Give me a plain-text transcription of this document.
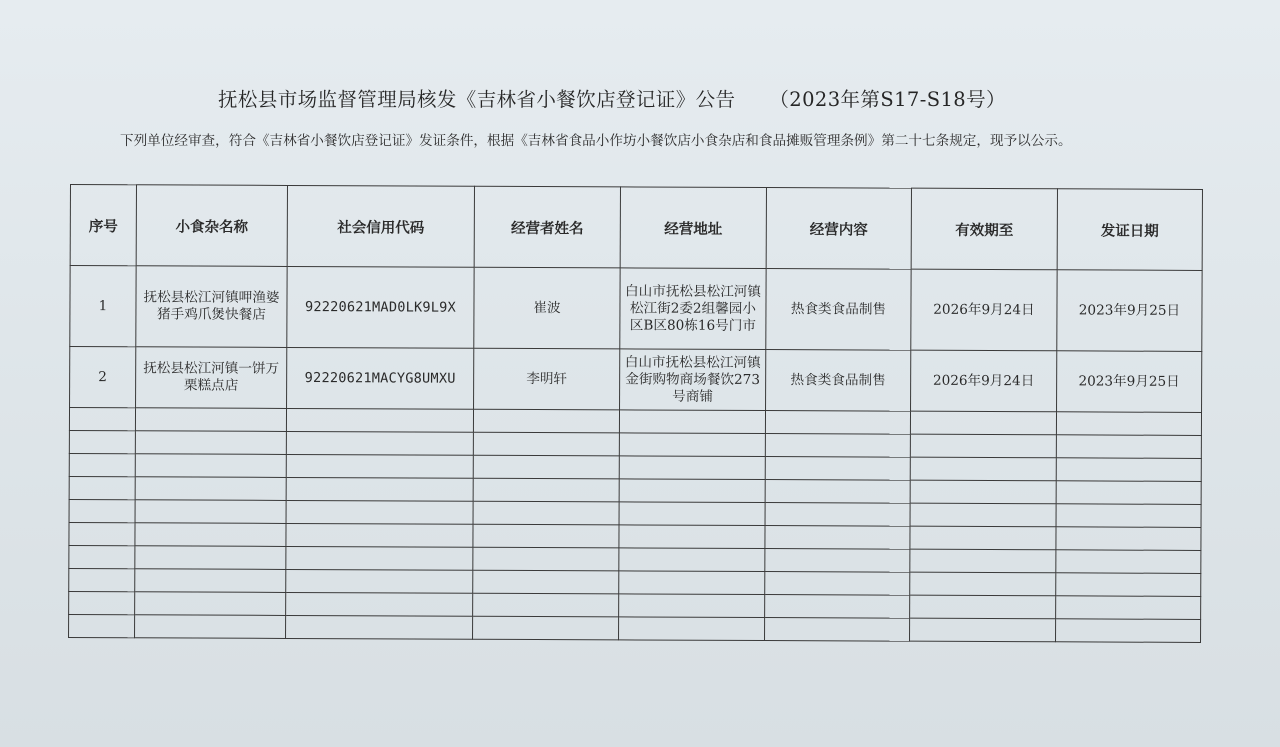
抚松县市场监督管理局核发《吉林省小餐饮店登记证》公告 （2023年第S17-S18号）
下列单位经审查，符合《吉林省小餐饮店登记证》发证条件，根据《吉林省食品小作坊小餐饮店小食杂店和食品摊贩管理条例》第二十七条规定，现予以公示。
序号	小食杂名称	社会信用代码	经营者姓名	经营地址	经营内容	有效期至	发证日期
1	抚松县松江河镇呷渔婆猪手鸡爪煲快餐店	92220621MAD0LK9L9X	崔波	白山市抚松县松江河镇松江街2委2组馨园小区B区80栋16号门市	热食类食品制售	2026年9月24日	2023年9月25日
2	抚松县松江河镇一饼万栗糕点店	92220621MACYG8UMXU	李明轩	白山市抚松县松江河镇金街购物商场餐饮273号商铺	热食类食品制售	2026年9月24日	2023年9月25日
